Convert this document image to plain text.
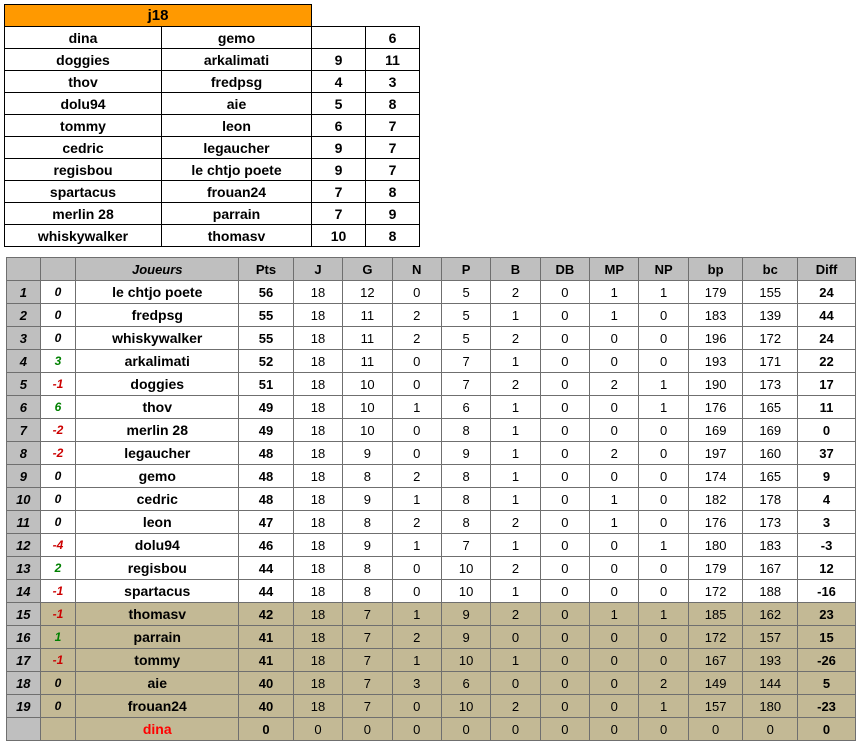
j18			
dina	gemo		6
doggies	arkalimati	9	11
thov	fredpsg	4	3
dolu94	aie	5	8
tommy	leon	6	7
cedric	legaucher	9	7
regisbou	le chtjo poete	9	7
spartacus	frouan24	7	8
merlin 28	parrain	7	9
whiskywalker	thomasv	10	8
		Joueurs	Pts	J	G	N	P	B	DB	MP	NP	bp	bc	Diff
1	0	le chtjo poete	56	18	12	0	5	2	0	1	1	179	155	24
2	0	fredpsg	55	18	11	2	5	1	0	1	0	183	139	44
3	0	whiskywalker	55	18	11	2	5	2	0	0	0	196	172	24
4	3	arkalimati	52	18	11	0	7	1	0	0	0	193	171	22
5	-1	doggies	51	18	10	0	7	2	0	2	1	190	173	17
6	6	thov	49	18	10	1	6	1	0	0	1	176	165	11
7	-2	merlin 28	49	18	10	0	8	1	0	0	0	169	169	0
8	-2	legaucher	48	18	9	0	9	1	0	2	0	197	160	37
9	0	gemo	48	18	8	2	8	1	0	0	0	174	165	9
10	0	cedric	48	18	9	1	8	1	0	1	0	182	178	4
11	0	leon	47	18	8	2	8	2	0	1	0	176	173	3
12	-4	dolu94	46	18	9	1	7	1	0	0	1	180	183	-3
13	2	regisbou	44	18	8	0	10	2	0	0	0	179	167	12
14	-1	spartacus	44	18	8	0	10	1	0	0	0	172	188	-16
15	-1	thomasv	42	18	7	1	9	2	0	1	1	185	162	23
16	1	parrain	41	18	7	2	9	0	0	0	0	172	157	15
17	-1	tommy	41	18	7	1	10	1	0	0	0	167	193	-26
18	0	aie	40	18	7	3	6	0	0	0	2	149	144	5
19	0	frouan24	40	18	7	0	10	2	0	0	1	157	180	-23
		dina	0	0	0	0	0	0	0	0	0	0	0	0
